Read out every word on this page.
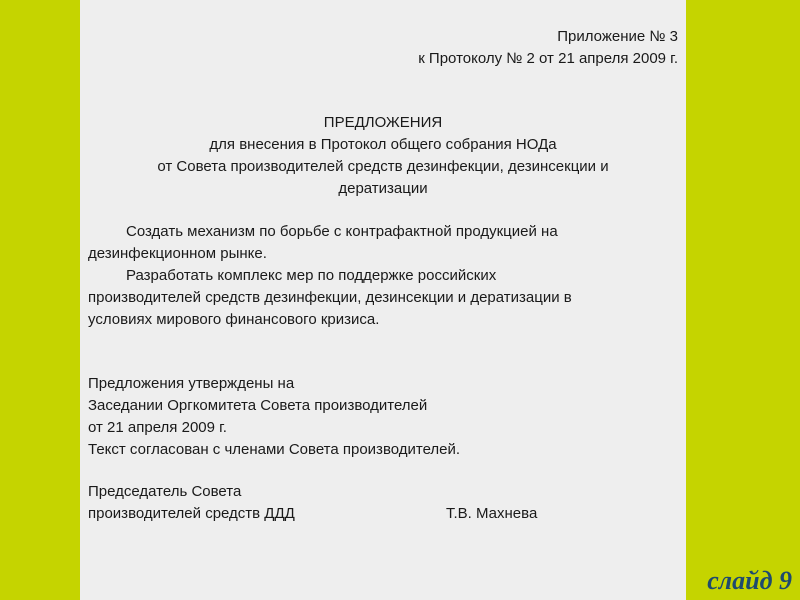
Приложение № 3
к Протоколу № 2 от 21 апреля 2009 г.
ПРЕДЛОЖЕНИЯ
для внесения в Протокол общего собрания НОДа
от Совета производителей средств дезинфекции, дезинсекции и
дератизации
Создать механизм по борьбе с контрафактной продукцией на
дезинфекционном рынке.
Разработать комплекс мер по поддержке российских
производителей средств дезинфекции, дезинсекции и дератизации в
условиях мирового финансового кризиса.
Предложения утверждены на
Заседании Оргкомитета Совета производителей
от 21 апреля 2009 г.
Текст согласован с членами Совета производителей.
Председатель Совета
производителей средств ДДД	Т.В. Махнева
слайд 9
